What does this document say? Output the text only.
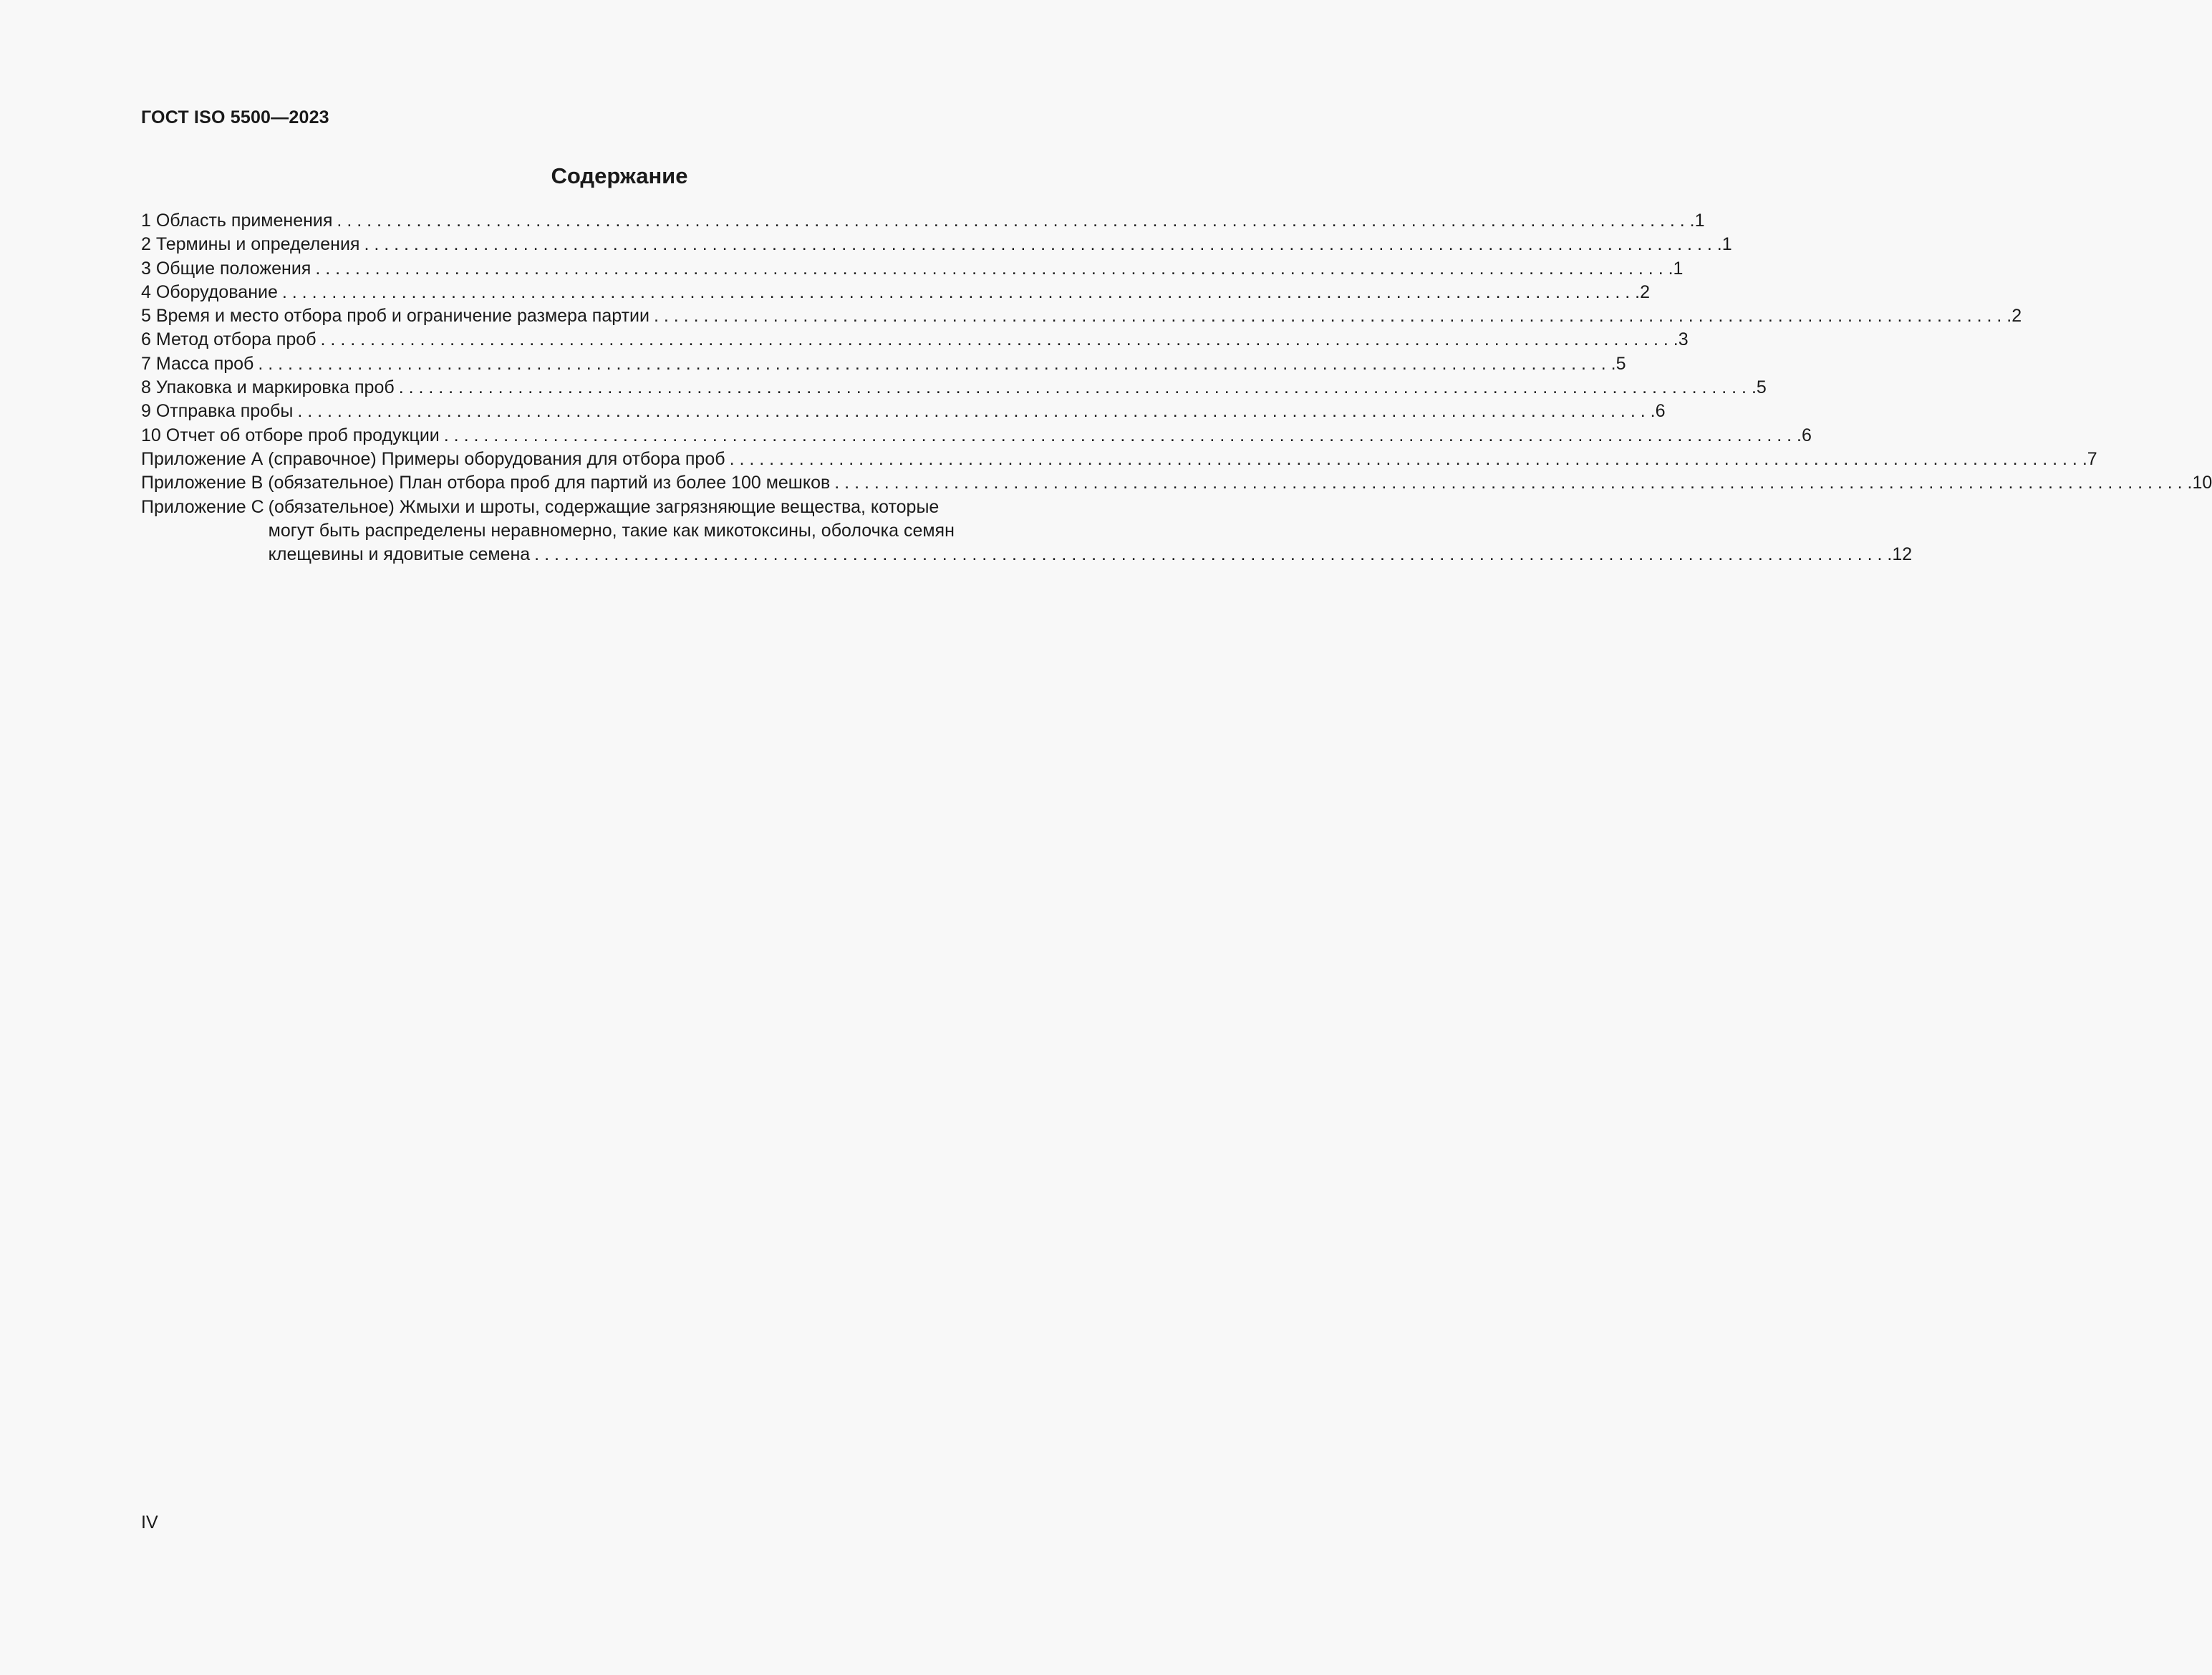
ГОСТ ISO 5500—2023
Содержание
1 Область применения . . .	1
2 Термины и определения . . .	1
3 Общие положения . . .	1
4 Оборудование . . .	2
5 Время и место отбора проб и ограничение размера партии . . .	2
6 Метод отбора проб . . .	3
7 Масса проб . . .	5
8 Упаковка и маркировка проб . . .	5
9 Отправка пробы . . .	6
10 Отчет об отборе проб продукции . . .	6
Приложение А (справочное) Примеры оборудования для отбора проб . . .	7
Приложение В (обязательное) План отбора проб для партий из более 100 мешков . . .	10
Приложение С (обязательное) Жмыхи и шроты, содержащие загрязняющие вещества, которые
могут быть распределены неравномерно, такие как микотоксины, оболочка семян
клещевины и ядовитые семена . . .	12
IV
